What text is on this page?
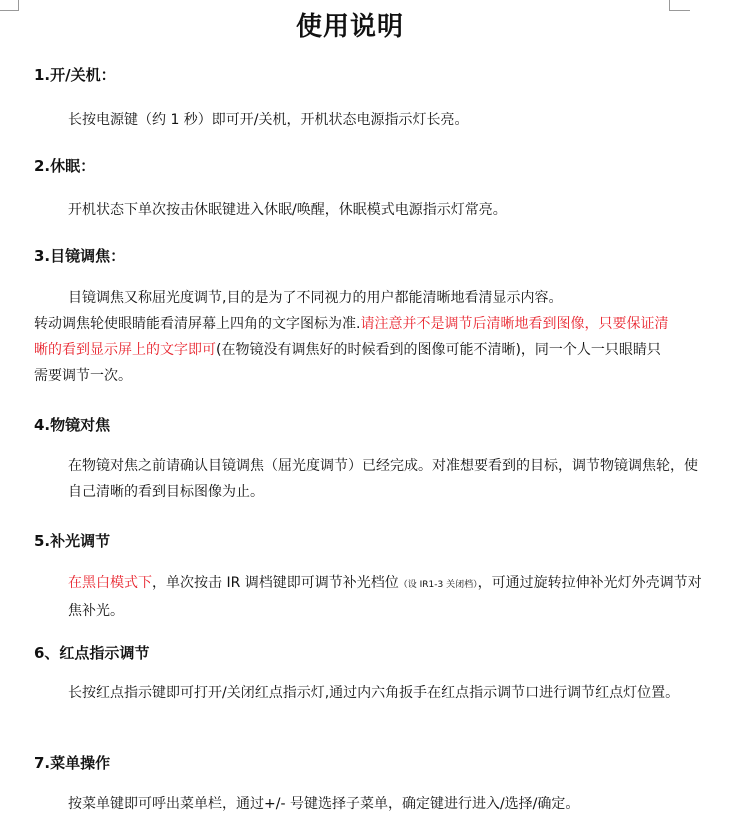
使用说明
1.开/关机：
长按电源键（约 1 秒）即可开/关机，开机状态电源指示灯长亮。
2.休眠：
开机状态下单次按击休眠键进入休眠/唤醒，休眠模式电源指示灯常亮。
3.目镜调焦：
目镜调焦又称屈光度调节,目的是为了不同视力的用户都能清晰地看清显示内容。
转动调焦轮使眼睛能看清屏幕上四角的文字图标为准.请注意并不是调节后清晰地看到图像，只要保证清晰的看到显示屏上的文字即可(在物镜没有调焦好的时候看到的图像可能不清晰)，同一个人一只眼睛只需要调节一次。
4.物镜对焦
在物镜对焦之前请确认目镜调焦（屈光度调节）已经完成。对准想要看到的目标，调节物镜调焦轮，使自己清晰的看到目标图像为止。
5.补光调节
在黑白模式下，单次按击 IR 调档键即可调节补光档位（设 IR1-3 关闭档），可通过旋转拉伸补光灯外壳调节对焦补光。
6、红点指示调节
长按红点指示键即可打开/关闭红点指示灯,通过内六角扳手在红点指示调节口进行调节红点灯位置。
7.菜单操作
按菜单键即可呼出菜单栏，通过+/- 号键选择子菜单，确定键进行进入/选择/确定。
